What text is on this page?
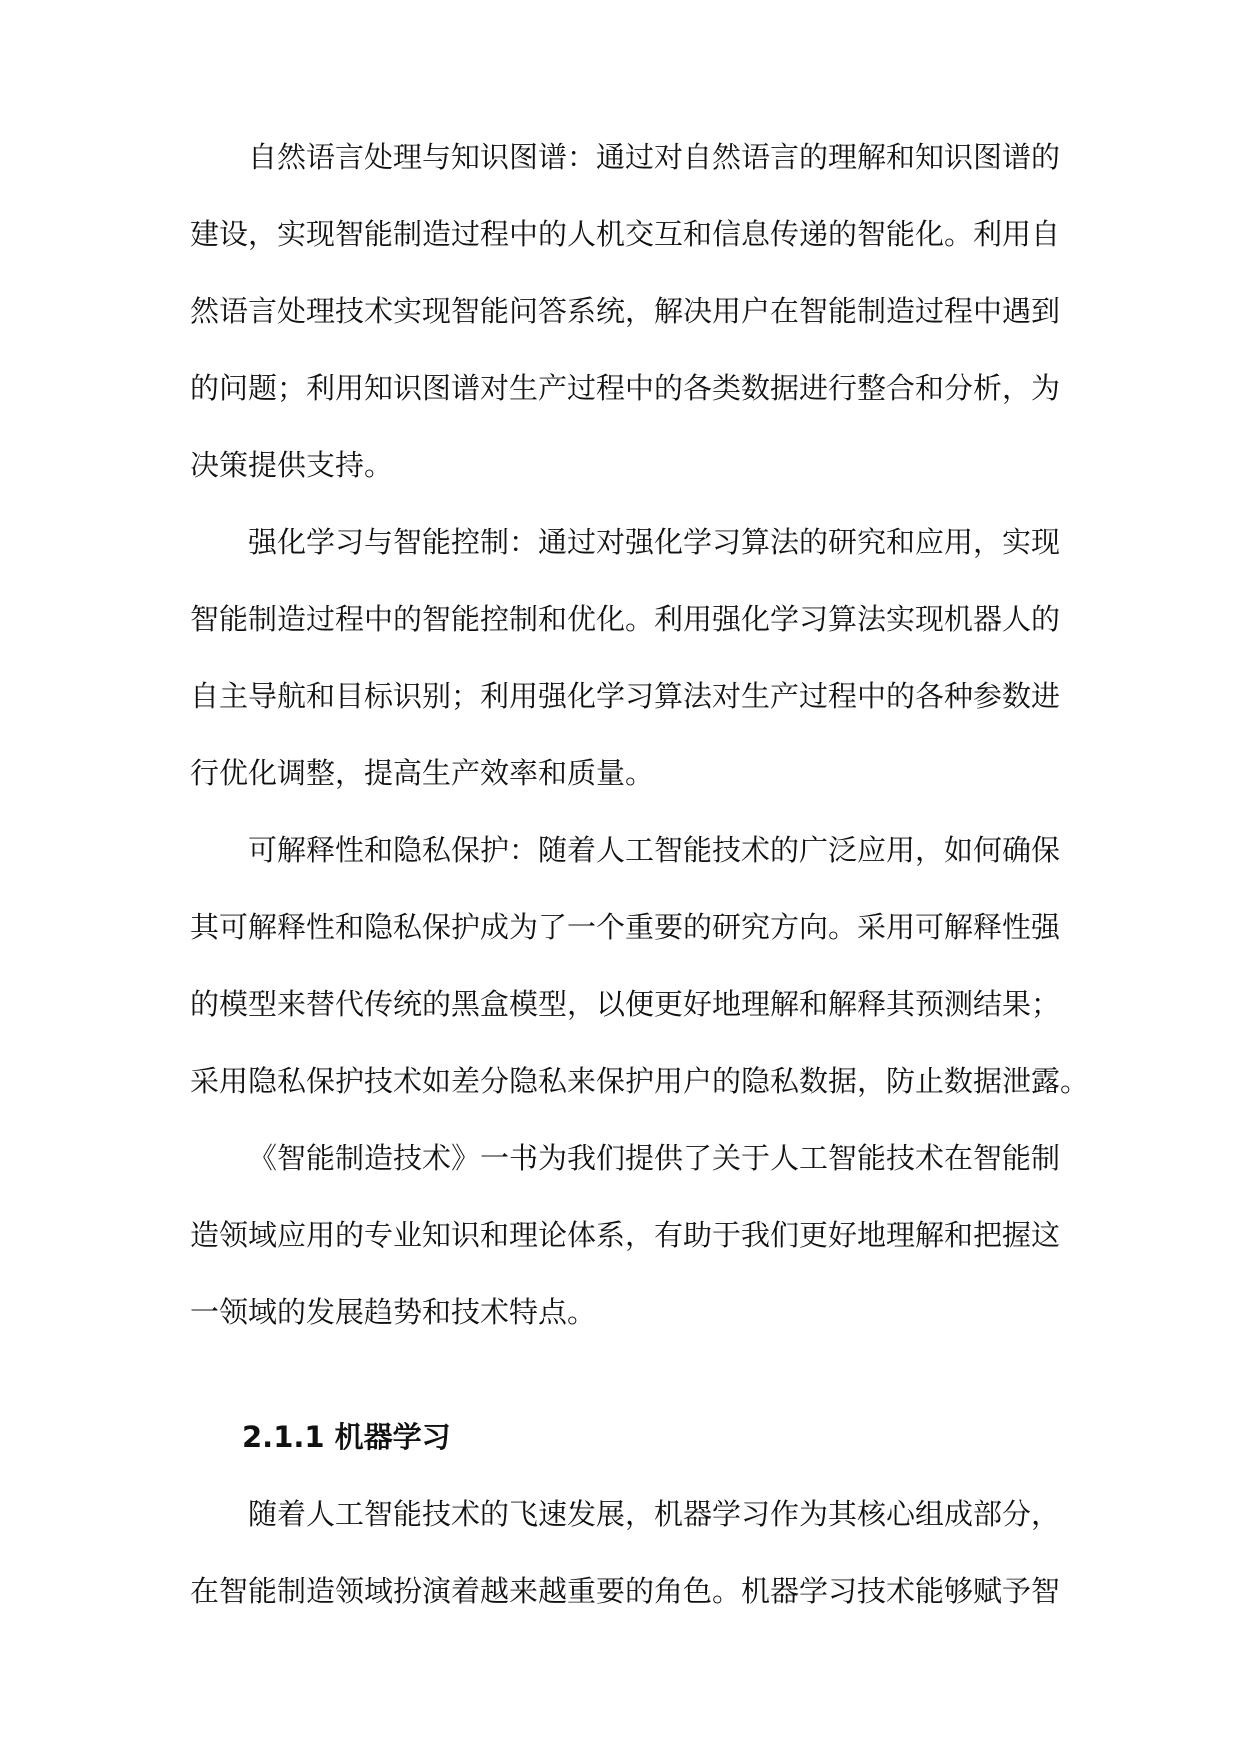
自然语言处理与知识图谱：通过对自然语言的理解和知识图谱的
建设，实现智能制造过程中的人机交互和信息传递的智能化。利用自
然语言处理技术实现智能问答系统，解决用户在智能制造过程中遇到
的问题；利用知识图谱对生产过程中的各类数据进行整合和分析，为
决策提供支持。
强化学习与智能控制：通过对强化学习算法的研究和应用，实现
智能制造过程中的智能控制和优化。利用强化学习算法实现机器人的
自主导航和目标识别；利用强化学习算法对生产过程中的各种参数进
行优化调整，提高生产效率和质量。
可解释性和隐私保护：随着人工智能技术的广泛应用，如何确保
其可解释性和隐私保护成为了一个重要的研究方向。采用可解释性强
的模型来替代传统的黑盒模型，以便更好地理解和解释其预测结果；
采用隐私保护技术如差分隐私来保护用户的隐私数据，防止数据泄露。
《智能制造技术》一书为我们提供了关于人工智能技术在智能制
造领域应用的专业知识和理论体系，有助于我们更好地理解和把握这
一领域的发展趋势和技术特点。
2.1.1 机器学习
随着人工智能技术的飞速发展，机器学习作为其核心组成部分，
在智能制造领域扮演着越来越重要的角色。机器学习技术能够赋予智
